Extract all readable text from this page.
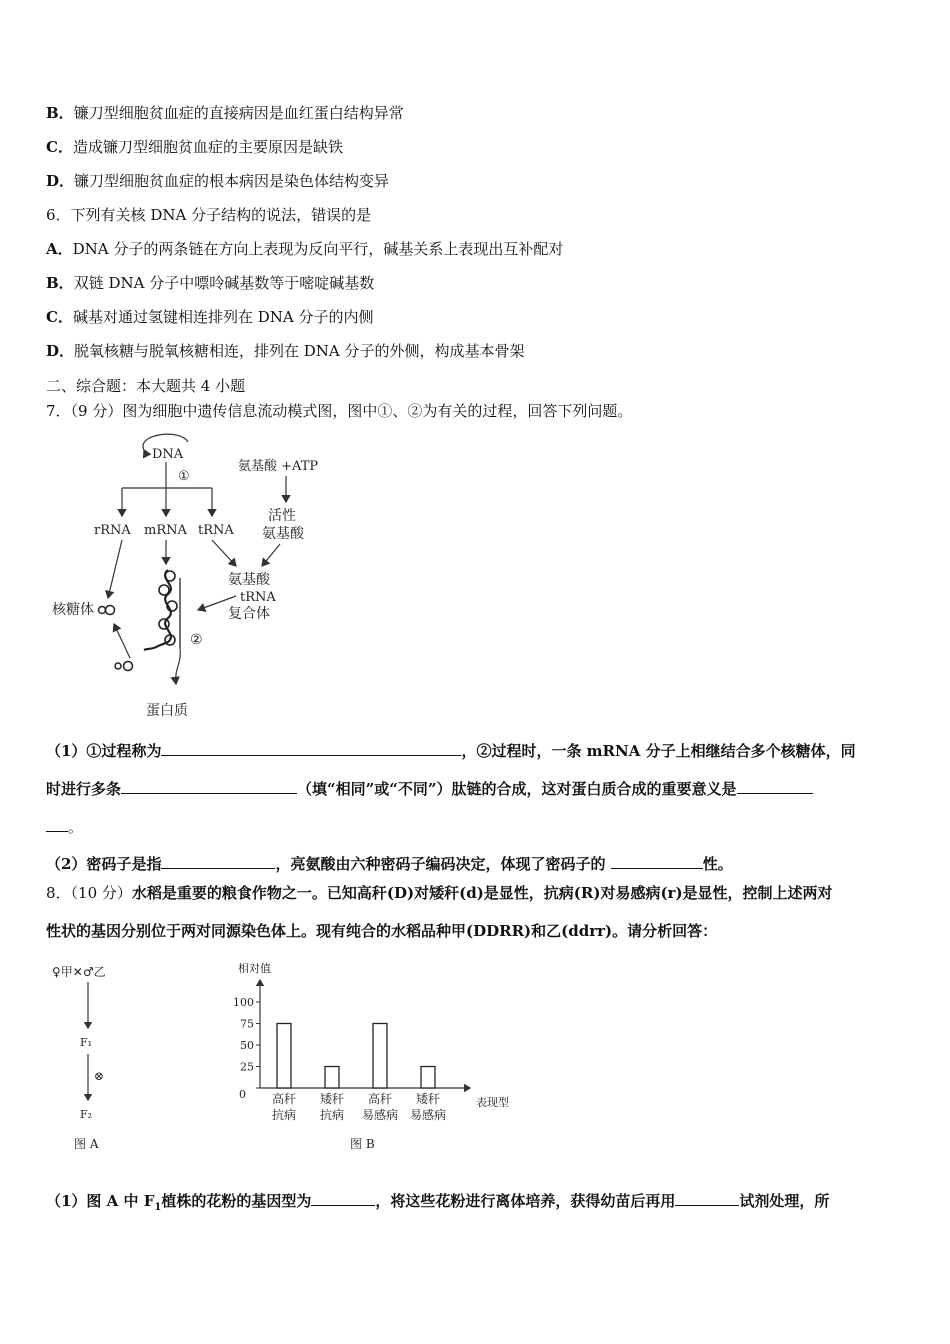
B．镰刀型细胞贫血症的直接病因是血红蛋白结构异常
C．造成镰刀型细胞贫血症的主要原因是缺铁
D．镰刀型细胞贫血症的根本病因是染色体结构变异
6．下列有关核 DNA 分子结构的说法，错误的是
A．DNA 分子的两条链在方向上表现为反向平行，碱基关系上表现出互补配对
B．双链 DNA 分子中嘌呤碱基数等于嘧啶碱基数
C．碱基对通过氢键相连排列在 DNA 分子的内侧
D．脱氧核糖与脱氧核糖相连，排列在 DNA 分子的外侧，构成基本骨架
二、综合题：本大题共 4 小题
7．（9 分）图为细胞中遗传信息流动模式图，图中①、②为有关的过程，回答下列问题。
DNA
①
rRNA mRNA tRNA
氨基酸 +ATP
活性
氨基酸
氨基酸
tRNA
复合体
②
核糖体
蛋白质
（1）①过程称为	，②过程时，一条 mRNA 分子上相继结合多个核糖体，同
时进行多条	（填“相同”或“不同”）肽链的合成，这对蛋白质合成的重要意义是
。
（2）密码子是指	，亮氨酸由六种密码子编码决定，体现了密码子的	性。
8．（10 分）水稻是重要的粮食作物之一。已知高秆(D)对矮秆(d)是显性，抗病(R)对易感病(r)是显性，控制上述两对
性状的基因分别位于两对同源染色体上。现有纯合的水稻品种甲(DDRR)和乙(ddrr)。请分析回答：
♀甲✕♂乙
F₁
⊗
F₂
图 A
相对值
表现型
0
25
50
75
100
高秆
抗病
矮秆
抗病
高秆
易感病
矮秆
易感病
图 B
（1）图 A 中 $F_1$植株的花粉的基因型为	，将这些花粉进行离体培养，获得幼苗后再用	试剂处理，所
